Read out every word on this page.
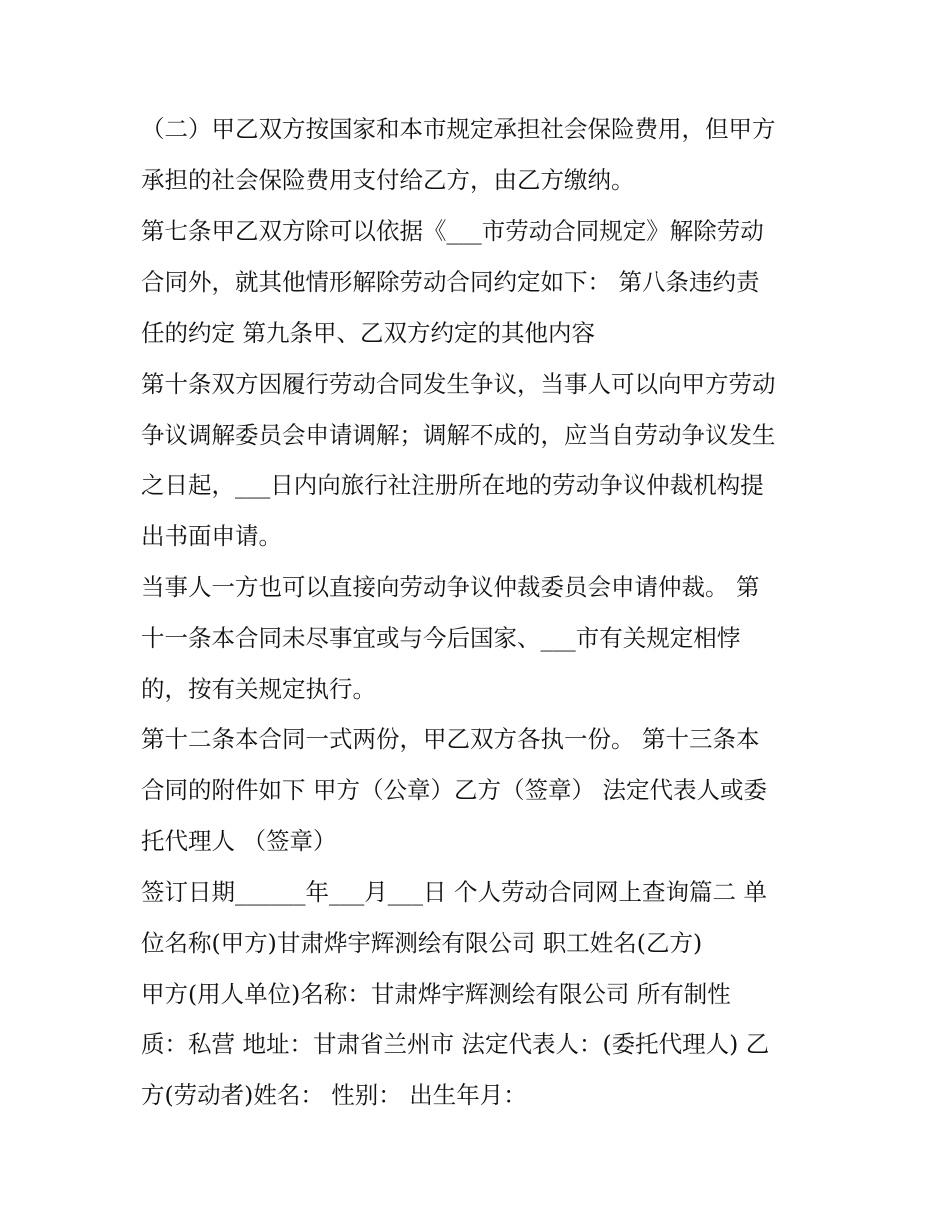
（二）甲乙双方按国家和本市规定承担社会保险费用，但甲方

承担的社会保险费用支付给乙方，由乙方缴纳。

第七条甲乙双方除可以依据《___市劳动合同规定》解除劳动

合同外，就其他情形解除劳动合同约定如下： 第八条违约责

任的约定 第九条甲、乙双方约定的其他内容

第十条双方因履行劳动合同发生争议，当事人可以向甲方劳动

争议调解委员会申请调解；调解不成的，应当自劳动争议发生

之日起，___日内向旅行社注册所在地的劳动争议仲裁机构提

出书面申请。

当事人一方也可以直接向劳动争议仲裁委员会申请仲裁。 第

十一条本合同未尽事宜或与今后国家、___市有关规定相悖

的，按有关规定执行。

第十二条本合同一式两份，甲乙双方各执一份。 第十三条本

合同的附件如下 甲方（公章）乙方（签章） 法定代表人或委

托代理人 （签章）

签订日期______年___月___日 个人劳动合同网上查询篇二 单

位名称(甲方)甘肃烨宇辉测绘有限公司 职工姓名(乙方)

甲方(用人单位)名称：甘肃烨宇辉测绘有限公司 所有制性

质：私营 地址：甘肃省兰州市 法定代表人：(委托代理人) 乙

方(劳动者)姓名： 性别： 出生年月：
